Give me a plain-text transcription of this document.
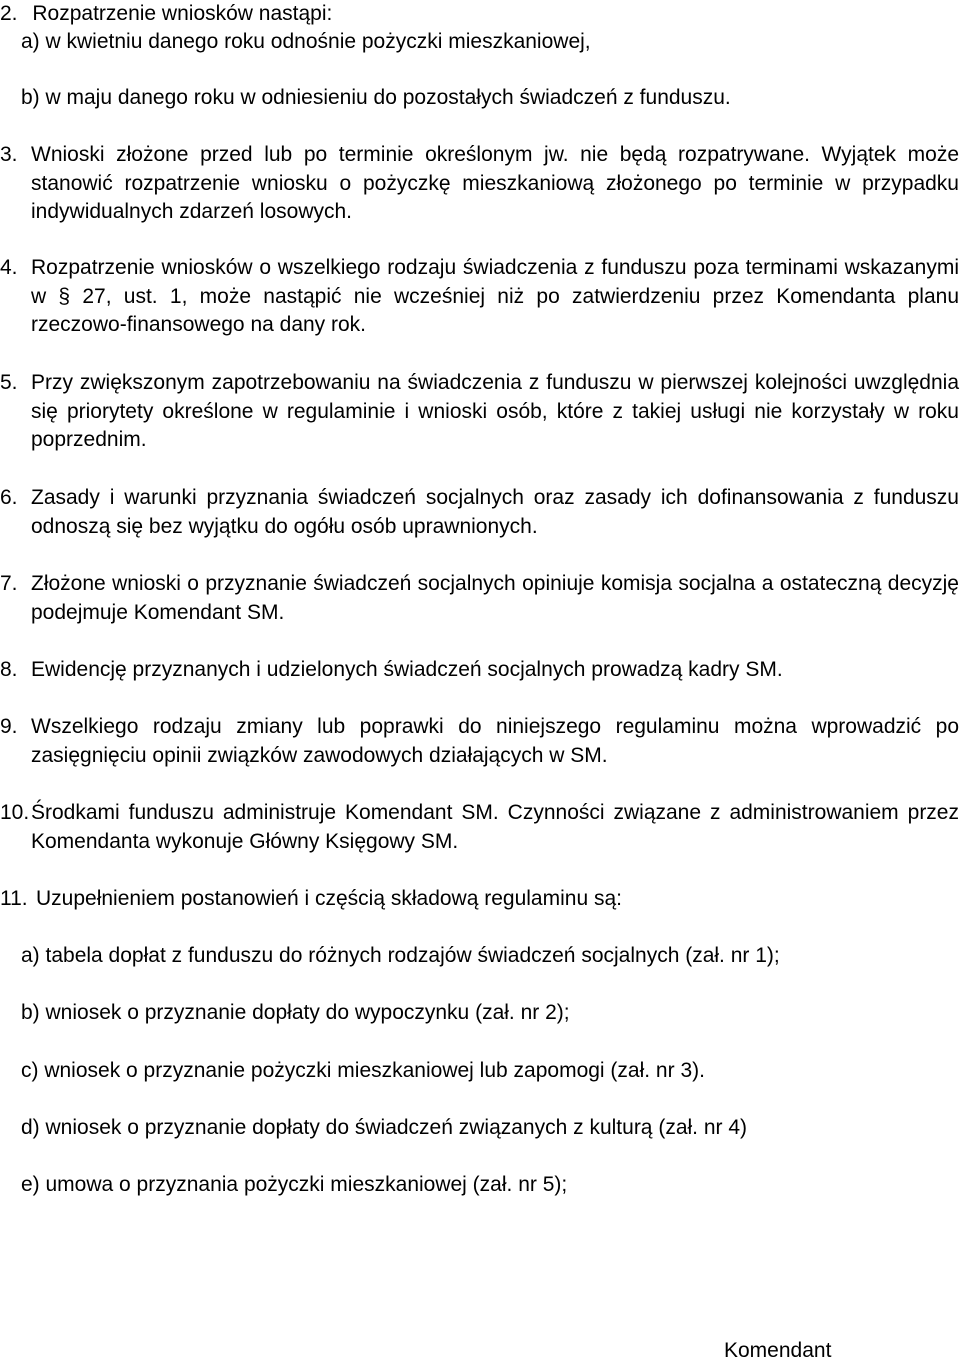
2. Rozpatrzenie wniosków nastąpi:
a) w kwietniu danego roku odnośnie pożyczki mieszkaniowej,
b) w maju danego roku w odniesieniu do pozostałych świadczeń z funduszu.
3. Wnioski złożone przed lub po terminie określonym jw. nie będą rozpatrywane. Wyjątek może stanowić rozpatrzenie wniosku o pożyczkę mieszkaniową złożonego po terminie w przypadku indywidualnych zdarzeń losowych.
4. Rozpatrzenie wniosków o wszelkiego rodzaju świadczenia z funduszu poza terminami wskazanymi w § 27, ust. 1, może nastąpić nie wcześniej niż po zatwierdzeniu przez Komendanta planu rzeczowo-finansowego na dany rok.
5. Przy zwiększonym zapotrzebowaniu na świadczenia z funduszu w pierwszej kolejności uwzględnia się priorytety określone w regulaminie i wnioski osób, które z takiej usługi nie korzystały w roku poprzednim.
6. Zasady i warunki przyznania świadczeń socjalnych oraz zasady ich dofinansowania z funduszu odnoszą się bez wyjątku do ogółu osób uprawnionych.
7. Złożone wnioski o przyznanie świadczeń socjalnych opiniuje komisja socjalna a ostateczną decyzję podejmuje Komendant SM.
8. Ewidencję przyznanych i udzielonych świadczeń socjalnych prowadzą kadry SM.
9. Wszelkiego rodzaju zmiany lub poprawki do niniejszego regulaminu można wprowadzić po zasięgnięciu opinii związków zawodowych działających w SM.
10. Środkami funduszu administruje Komendant SM. Czynności związane z administrowaniem przez Komendanta wykonuje Główny Księgowy SM.
11. Uzupełnieniem postanowień i częścią składową regulaminu są:
a) tabela dopłat z funduszu do różnych rodzajów świadczeń socjalnych (zał. nr 1);
b) wniosek o przyznanie dopłaty do wypoczynku (zał. nr 2);
c) wniosek o przyznanie pożyczki mieszkaniowej lub zapomogi (zał. nr 3).
d) wniosek o przyznanie dopłaty do świadczeń związanych z kulturą (zał. nr 4)
e) umowa o przyznania pożyczki mieszkaniowej (zał. nr 5);
Komendant
